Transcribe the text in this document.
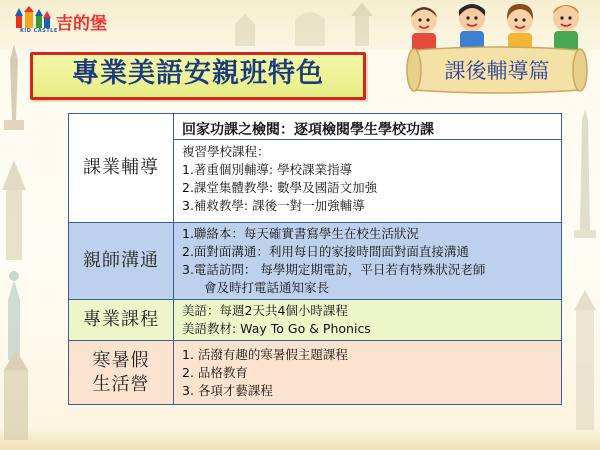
KID CASTLE
吉的堡
專業美語安親班特色	課後輔導篇
課業輔導	回家功課之檢閱：逐項檢閱學生學校功課
複習學校課程：
1.著重個別輔導: 學校課業指導
2.課堂集體教學: 數學及國語文加強
3.補救教學: 課後一對一加強輔導

親師溝通	1.聯絡本：每天確實書寫學生在校生活狀況
2.面對面溝通：利用每日的家接時間面對面直接溝通
3.電話訪問： 每學期定期電訪，平日若有特殊狀況老師
會及時打電話通知家長

專業課程	美語：每週2天共4個小時課程
美語教材: Way To Go & Phonics

寒暑假
生活營	1. 活潑有趣的寒暑假主題課程
2. 品格教育
3. 各項才藝課程
